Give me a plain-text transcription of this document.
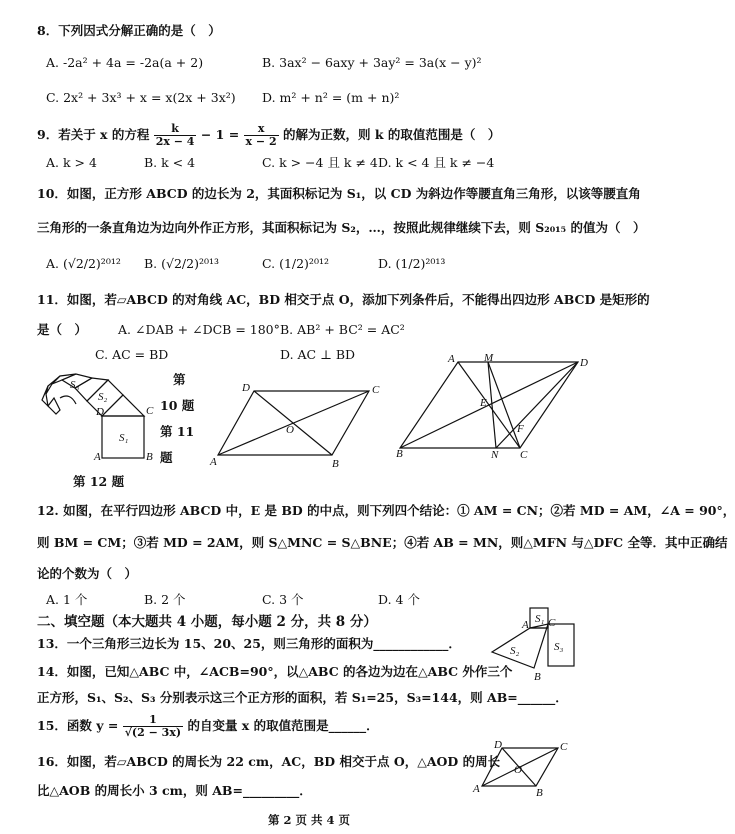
8．下列因式分解正确的是（　）
A. -2a² + 4a = -2a(a + 2)	B. 3ax² − 6axy + 3ay² = 3a(x − y)²
C. 2x² + 3x³ + x = x(2x + 3x²) D. m² + n² = (m + n)²
9．若关于 x 的方程 $\frac{k}{2x - 4} - 1 = \frac{x}{x - 2}$ 的解为正数，则 k 的取值范围是（　）
A. k > 4	B. k < 4	C. k > −4 且 k ≠ 4 D. k < 4 且 k ≠ −4
10．如图，正方形 ABCD 的边长为 2，其面积标记为 S₁，以 CD 为斜边作等腰直角三角形，以该等腰直角
三角形的一条直角边为边向外作正方形，其面积标记为 S₂，…，按照此规律继续下去，则 S₂₀₁₅ 的值为（　）
A. (√2/2)²⁰¹² B. (√2/2)²⁰¹³	C. (1/2)²⁰¹²	D. (1/2)²⁰¹³
11．如图，若▱ABCD 的对角线 AC，BD 相交于点 O，添加下列条件后，不能得出四边形 ABCD 是矩形的
是（　） A. ∠DAB + ∠DCB = 180° B. AB² + BC² = AC²
C. AC = BD	D. AC ⊥ BD
S₁
S₂
S₃
D	C
A	B
第
10 题
第 11
题
第 12 题
D	C
A	B
O
A	M	D
B	N C
E
F
12. 如图，在平行四边形 ABCD 中，E 是 BD 的中点，则下列四个结论：① AM = CN；②若 MD = AM，∠A = 90°，
则 BM = CM；③若 MD = 2AM，则 S△MNC = S△BNE；④若 AB = MN，则△MFN 与△DFC 全等．其中正确结
论的个数为（　）
A. 1 个	B. 2 个	C. 3 个	D. 4 个
二、填空题（本大题共 4 小题，每小题 2 分，共 8 分）
13．一个三角形三边长为 15、20、25，则三角形的面积为____________．
14．如图，已知△ABC 中，∠ACB=90°，以△ABC 的各边为边在△ABC 外作三个
正方形，S₁、S₂、S₃ 分别表示这三个正方形的面积，若 S₁=25，S₃=144，则 AB=______．
A C
B
S₁
S₃
S₂
15．函数 $y = \frac{1}{√(2 - 3x)}$ 的自变量 x 的取值范围是______．
16．如图，若▱ABCD 的周长为 22 cm，AC，BD 相交于点 O，△AOD 的周长
比△AOB 的周长小 3 cm，则 AB=_________．
D	C
A	B
O
第 2 页 共 4 页
